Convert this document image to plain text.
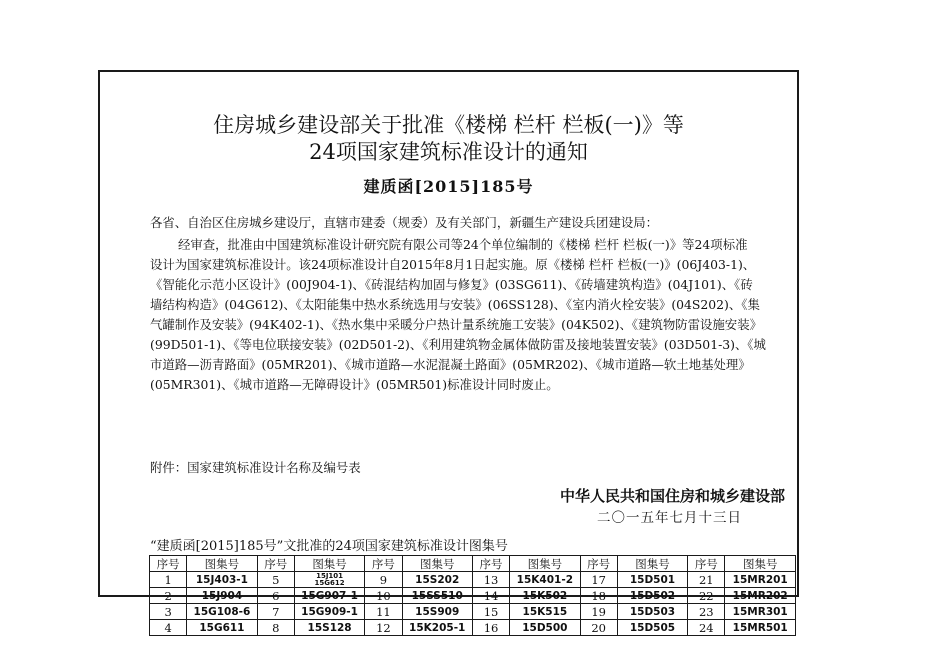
住房城乡建设部关于批准《楼梯 栏杆 栏板(一)》等
24项国家建筑标准设计的通知
建质函[2015]185号
各省、自治区住房城乡建设厅，直辖市建委（规委）及有关部门，新疆生产建设兵团建设局：
经审查，批准由中国建筑标准设计研究院有限公司等24个单位编制的《楼梯 栏杆 栏板(一)》等24项标准
设计为国家建筑标准设计。该24项标准设计自2015年8月1日起实施。原《楼梯 栏杆 栏板(一)》(06J403-1)、
《智能化示范小区设计》(00J904-1)、《砖混结构加固与修复》(03SG611)、《砖墙建筑构造》(04J101)、《砖
墙结构构造》(04G612)、《太阳能集中热水系统选用与安装》(06SS128)、《室内消火栓安装》(04S202)、《集
气罐制作及安装》(94K402-1)、《热水集中采暖分户热计量系统施工安装》(04K502)、《建筑物防雷设施安装》
(99D501-1)、《等电位联接安装》(02D501-2)、《利用建筑物金属体做防雷及接地装置安装》(03D501-3)、《城
市道路—沥青路面》(05MR201)、《城市道路—水泥混凝土路面》(05MR202)、《城市道路—软土地基处理》
(05MR301)、《城市道路—无障碍设计》(05MR501)标准设计同时废止。
附件：国家建筑标准设计名称及编号表
中华人民共和国住房和城乡建设部
二〇一五年七月十三日
“建质函[2015]185号”文批准的24项国家建筑标准设计图集号
序号	图集号	序号	图集号	序号	图集号	序号	图集号	序号	图集号	序号	图集号
1	15J403-1	5	15J101
15G612	9	15S202	13	15K401-2	17	15D501	21	15MR201
2	15J904	6	15G907-1	10	15SS510	14	15K502	18	15D502	22	15MR202
3	15G108-6	7	15G909-1	11	15S909	15	15K515	19	15D503	23	15MR301
4	15G611	8	15S128	12	15K205-1	16	15D500	20	15D505	24	15MR501
